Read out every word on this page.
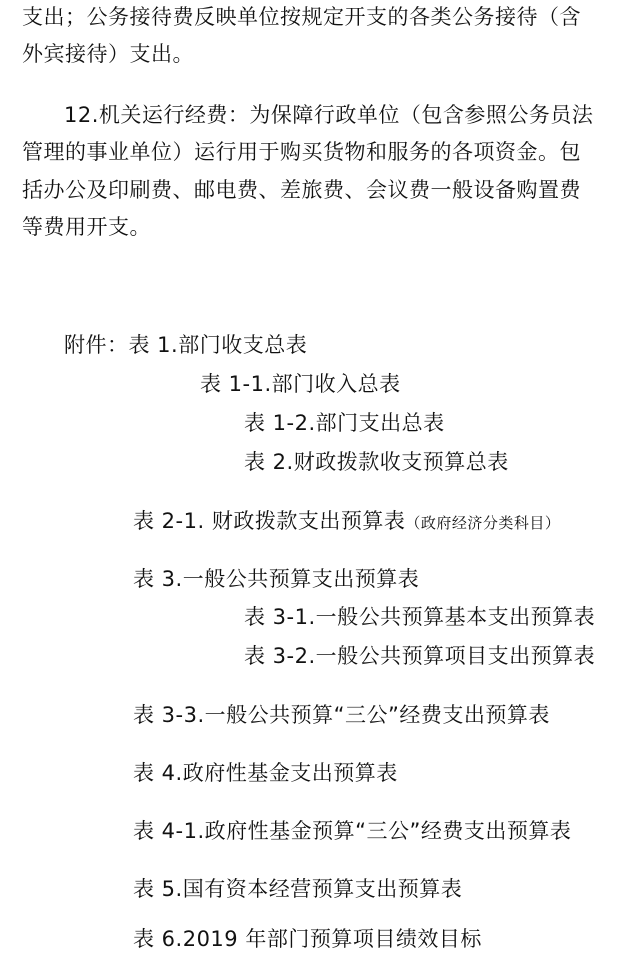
支出；公务接待费反映单位按规定开支的各类公务接待（含

外宾接待）支出。

12.机关运行经费：为保障行政单位（包含参照公务员法

管理的事业单位）运行用于购买货物和服务的各项资金。包

括办公及印刷费、邮电费、差旅费、会议费一般设备购置费

等费用开支。

附件：表 1.部门收支总表

表 1-1.部门收入总表

表 1-2.部门支出总表

表 2.财政拨款收支预算总表

表 2-1. 财政拨款支出预算表（政府经济分类科目）

表 3.一般公共预算支出预算表

表 3-1.一般公共预算基本支出预算表

表 3-2.一般公共预算项目支出预算表

表 3-3.一般公共预算“三公”经费支出预算表

表 4.政府性基金支出预算表

表 4-1.政府性基金预算“三公”经费支出预算表

表 5.国有资本经营预算支出预算表

表 6.2019 年部门预算项目绩效目标
